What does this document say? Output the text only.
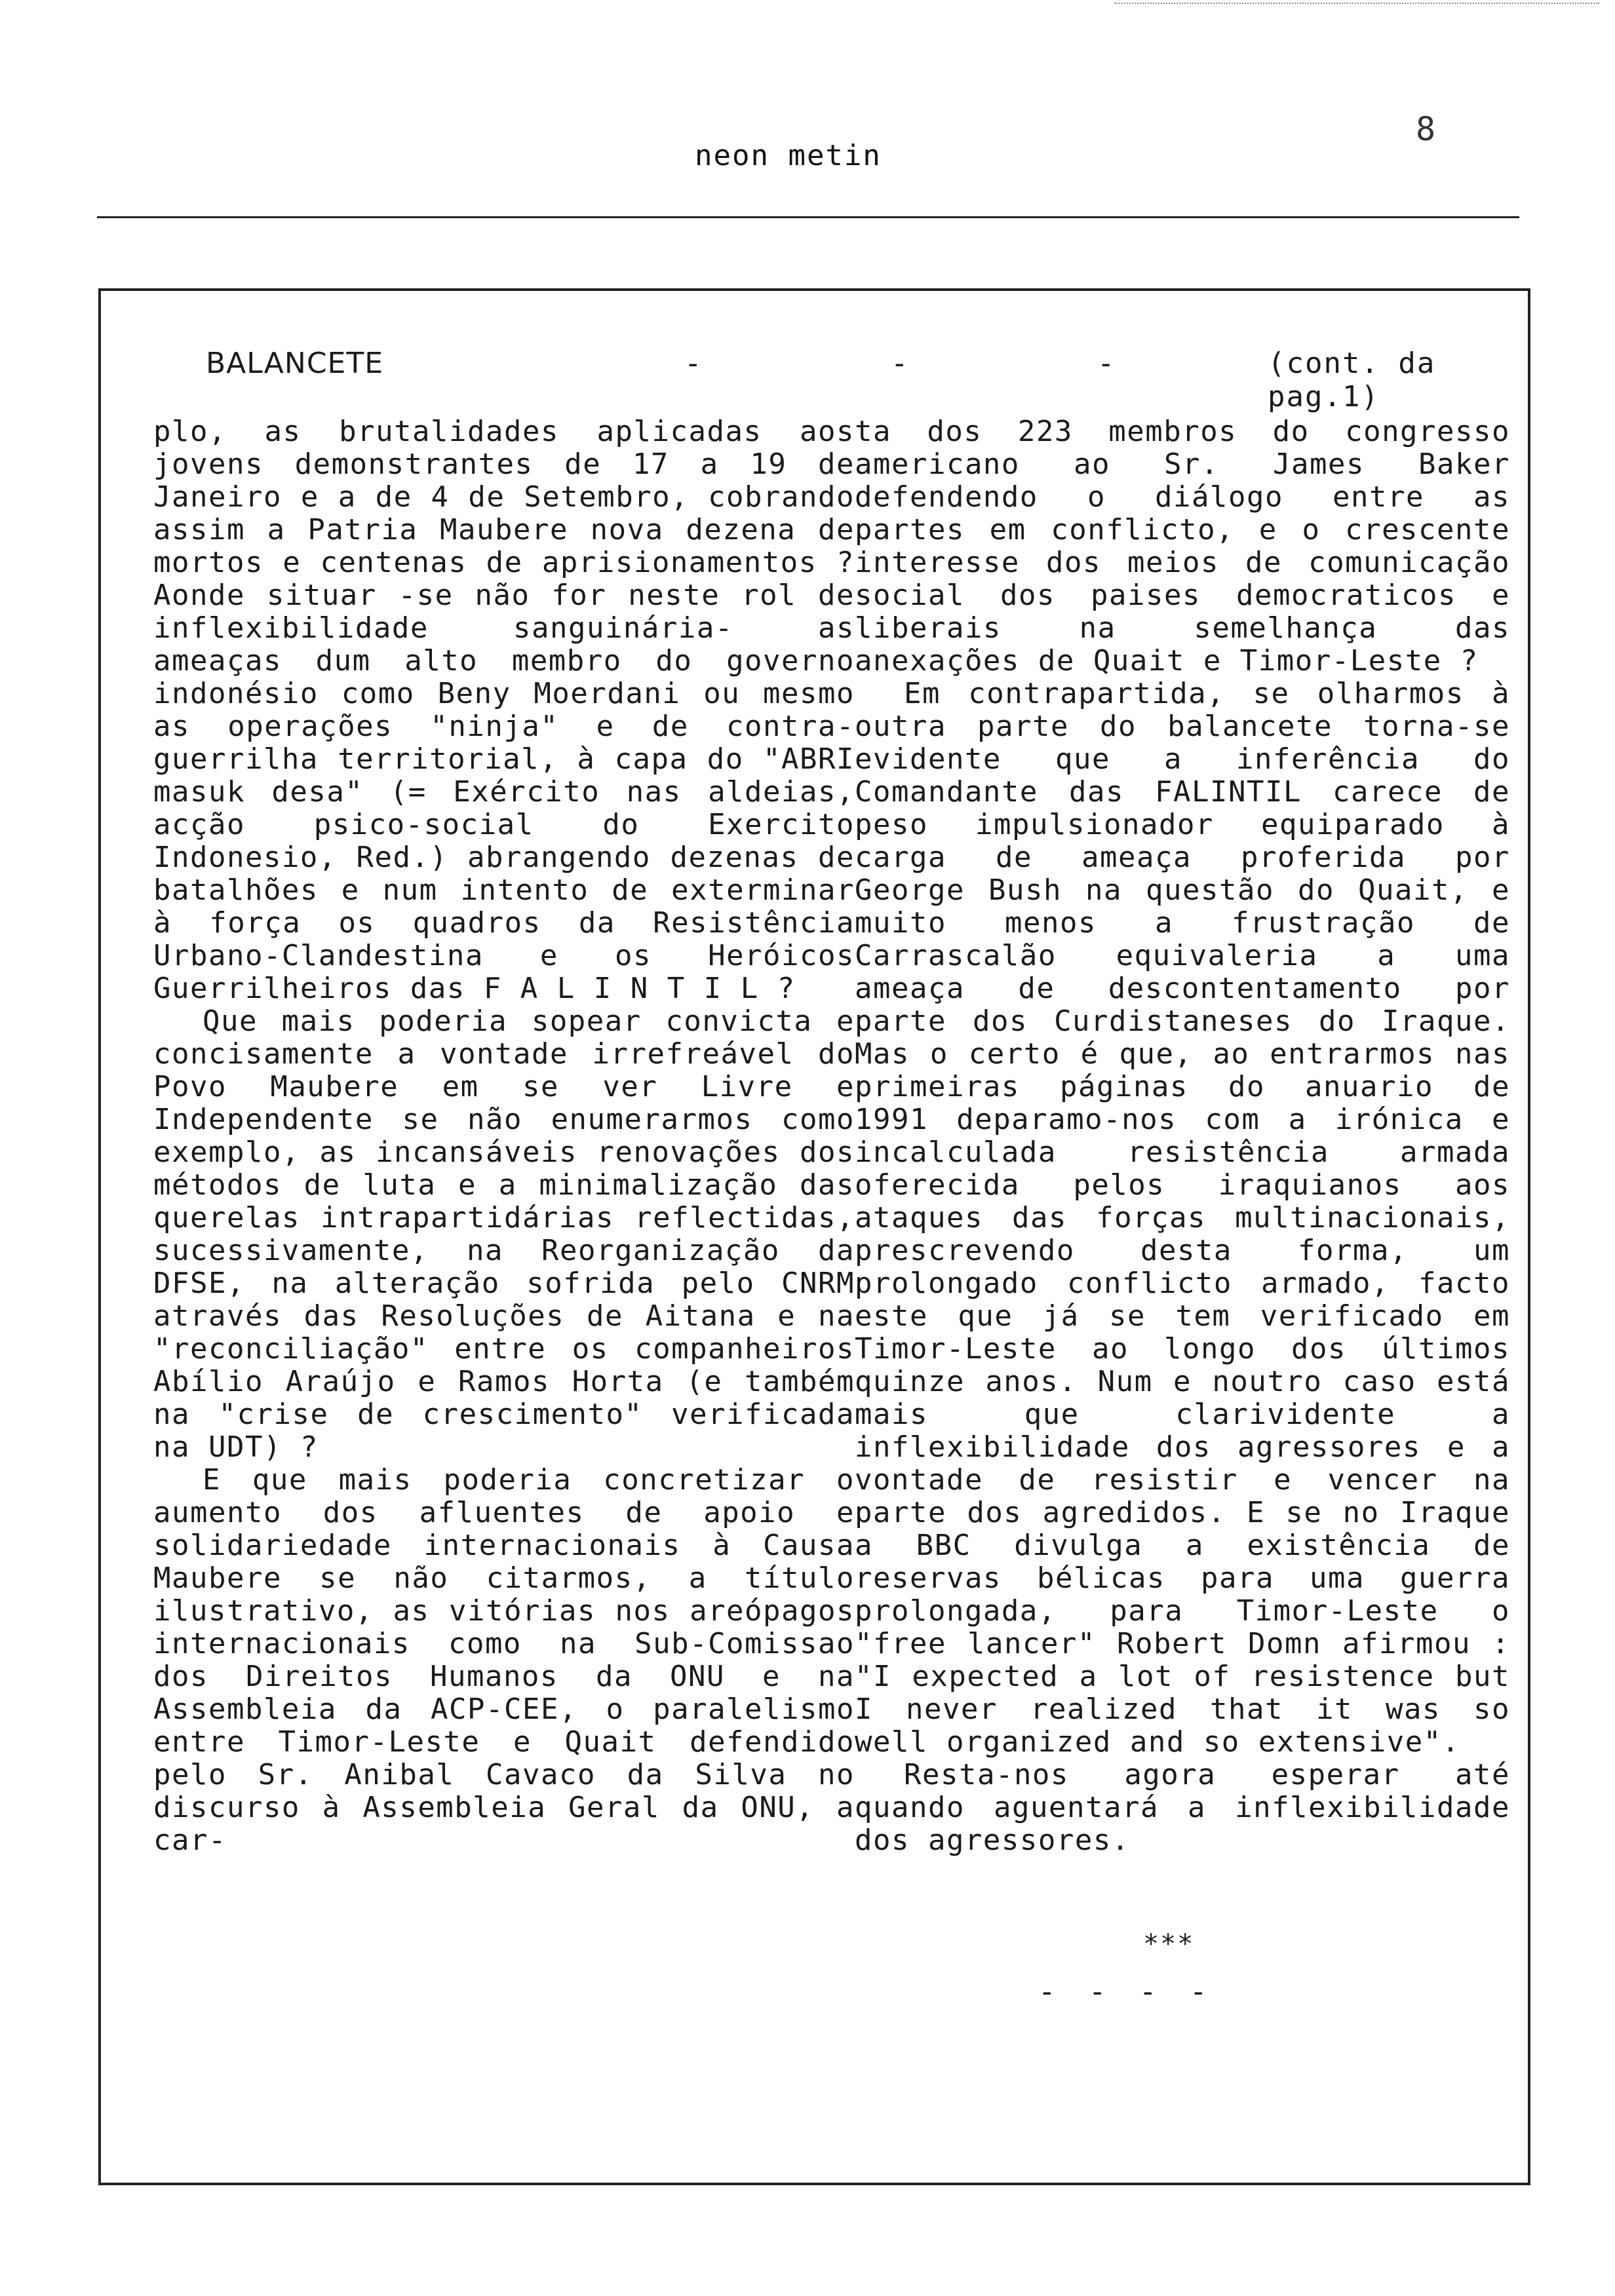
8
neon metin
BALANCETE	-	-	-	(cont. da pag.1)

plo, as brutalidades aplicadas aos jovens demonstrantes de 17 a 19 de Janeiro e a de 4 de Setembro, cobrando assim a Patria Maubere nova dezena de mortos e centenas de aprisionamentos ? Aonde situar -se não for neste rol de inflexibilidade sanguinária- as ameaças dum alto membro do governo indonésio como Beny Moerdani ou mesmo as operações "ninja" e de contra-guerrilha territorial, à capa do "ABRI masuk desa" (= Exército nas aldeias, acção psico-social do Exercito Indonesio, Red.) abrangendo dezenas de batalhões e num intento de exterminar à força os quadros da Resistência Urbano-Clandestina e os Heróicos Guerrilheiros das F A L I N T I L ?

Que mais poderia sopear convicta e concisamente a vontade irrefreável do Povo Maubere em se ver Livre e Independente se não enumerarmos como exemplo, as incansáveis renovações dos métodos de luta e a minimalização das querelas intrapartidárias reflectidas, sucessivamente, na Reorganização da DFSE, na alteração sofrida pelo CNRM através das Resoluções de Aitana e na "reconciliação" entre os companheiros Abílio Araújo e Ramos Horta (e também na "crise de crescimento" verificada na UDT) ?

E que mais poderia concretizar o aumento dos afluentes de apoio e solidariedade internacionais à Causa Maubere se não citarmos, a título ilustrativo, as vitórias nos areópagos internacionais como na Sub-Comissao dos Direitos Humanos da ONU e na Assembleia da ACP-CEE, o paralelismo entre Timor-Leste e Quait defendido pelo Sr. Anibal Cavaco da Silva no discurso à Assembleia Geral da ONU, a car-

ta dos 223 membros do congresso americano ao Sr. James Baker defendendo o diálogo entre as partes em conflicto, e o crescente interesse dos meios de comunicação social dos paises democraticos e liberais na semelhança das anexações de Quait e Timor-Leste ?

Em contrapartida, se olharmos à outra parte do balancete torna-se evidente que a inferência do Comandante das FALINTIL carece de peso impulsionador equiparado à carga de ameaça proferida por George Bush na questão do Quait, e muito menos a frustração de Carrascalão equivaleria a uma ameaça de descontentamento por parte dos Curdistaneses do Iraque. Mas o certo é que, ao entrarmos nas primeiras páginas do anuario de 1991 deparamo-nos com a irónica e incalculada resistência armada oferecida pelos iraquianos aos ataques das forças multinacionais, prescrevendo desta forma, um prolongado conflicto armado, facto este que já se tem verificado em Timor-Leste ao longo dos últimos quinze anos. Num e noutro caso está mais que clarividente a inflexibilidade dos agressores e a vontade de resistir e vencer na parte dos agredidos. E se no Iraque a BBC divulga a existência de reservas bélicas para uma guerra prolongada, para Timor-Leste o "free lancer" Robert Domn afirmou : "I expected a lot of resistence but I never realized that it was so well organized and so extensive".

Resta-nos agora esperar até quando aguentará a inflexibilidade dos agressores.

***
- - - -
